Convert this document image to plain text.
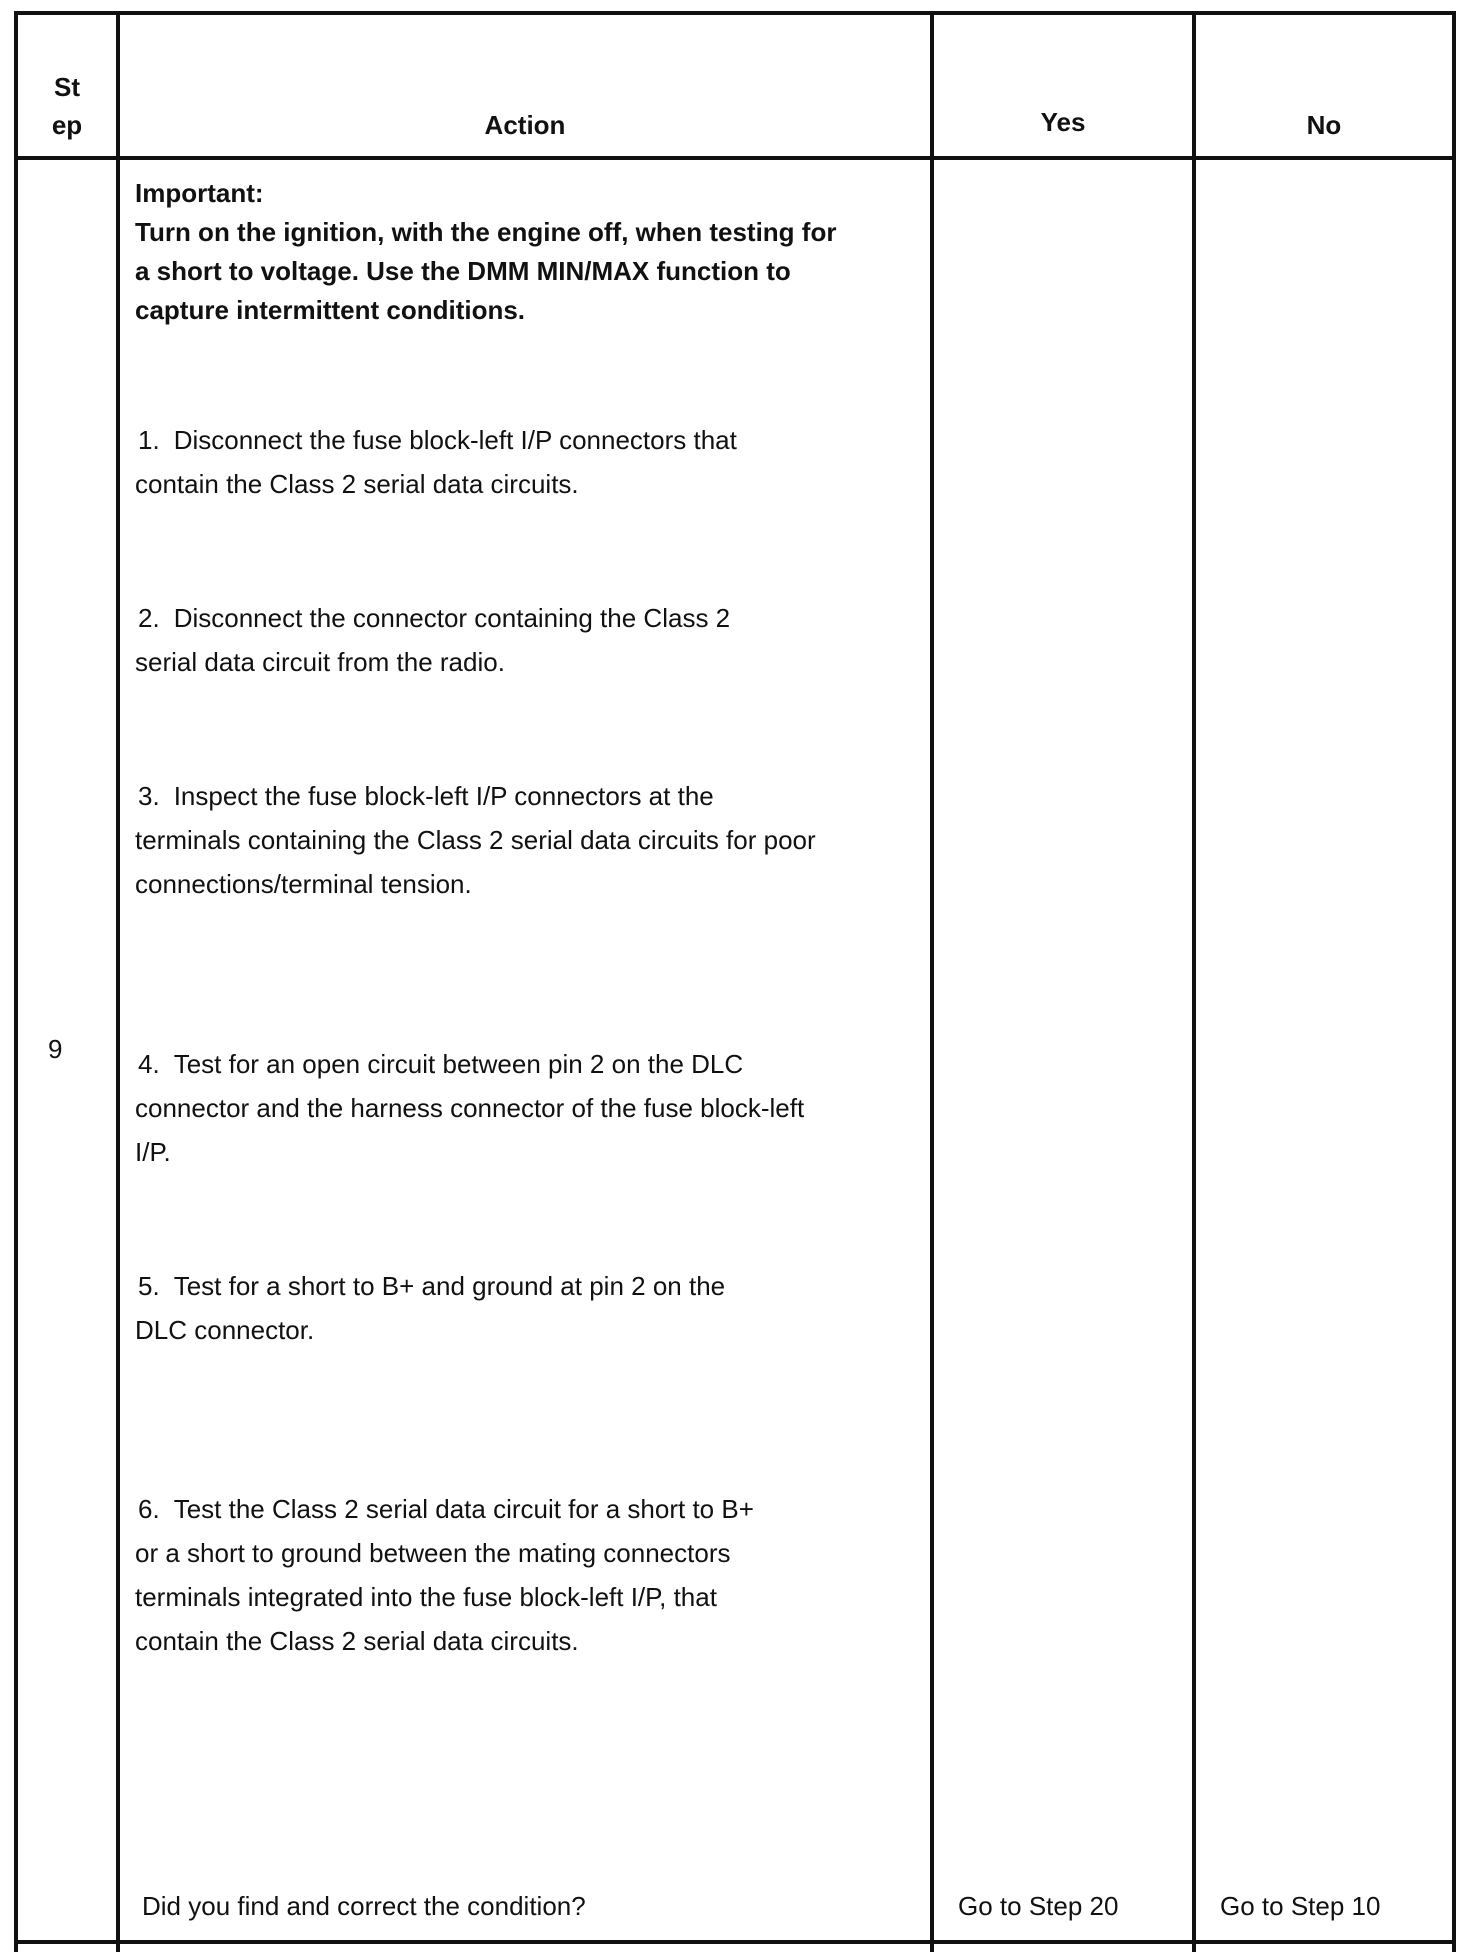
St
ep	Action	Yes	No
9
Important:
Turn on the ignition, with the engine off, when testing for
a short to voltage. Use the DMM MIN/MAX function to
capture intermittent conditions.
1. Disconnect the fuse block-left I/P connectors that
contain the Class 2 serial data circuits.
2. Disconnect the connector containing the Class 2
serial data circuit from the radio.
3. Inspect the fuse block-left I/P connectors at the
terminals containing the Class 2 serial data circuits for poor
connections/terminal tension.
4. Test for an open circuit between pin 2 on the DLC
connector and the harness connector of the fuse block-left
I/P.
5. Test for a short to B+ and ground at pin 2 on the
DLC connector.
6. Test the Class 2 serial data circuit for a short to B+
or a short to ground between the mating connectors
terminals integrated into the fuse block-left I/P, that
contain the Class 2 serial data circuits.
Did you find and correct the condition?	Go to Step 20	Go to Step 10
